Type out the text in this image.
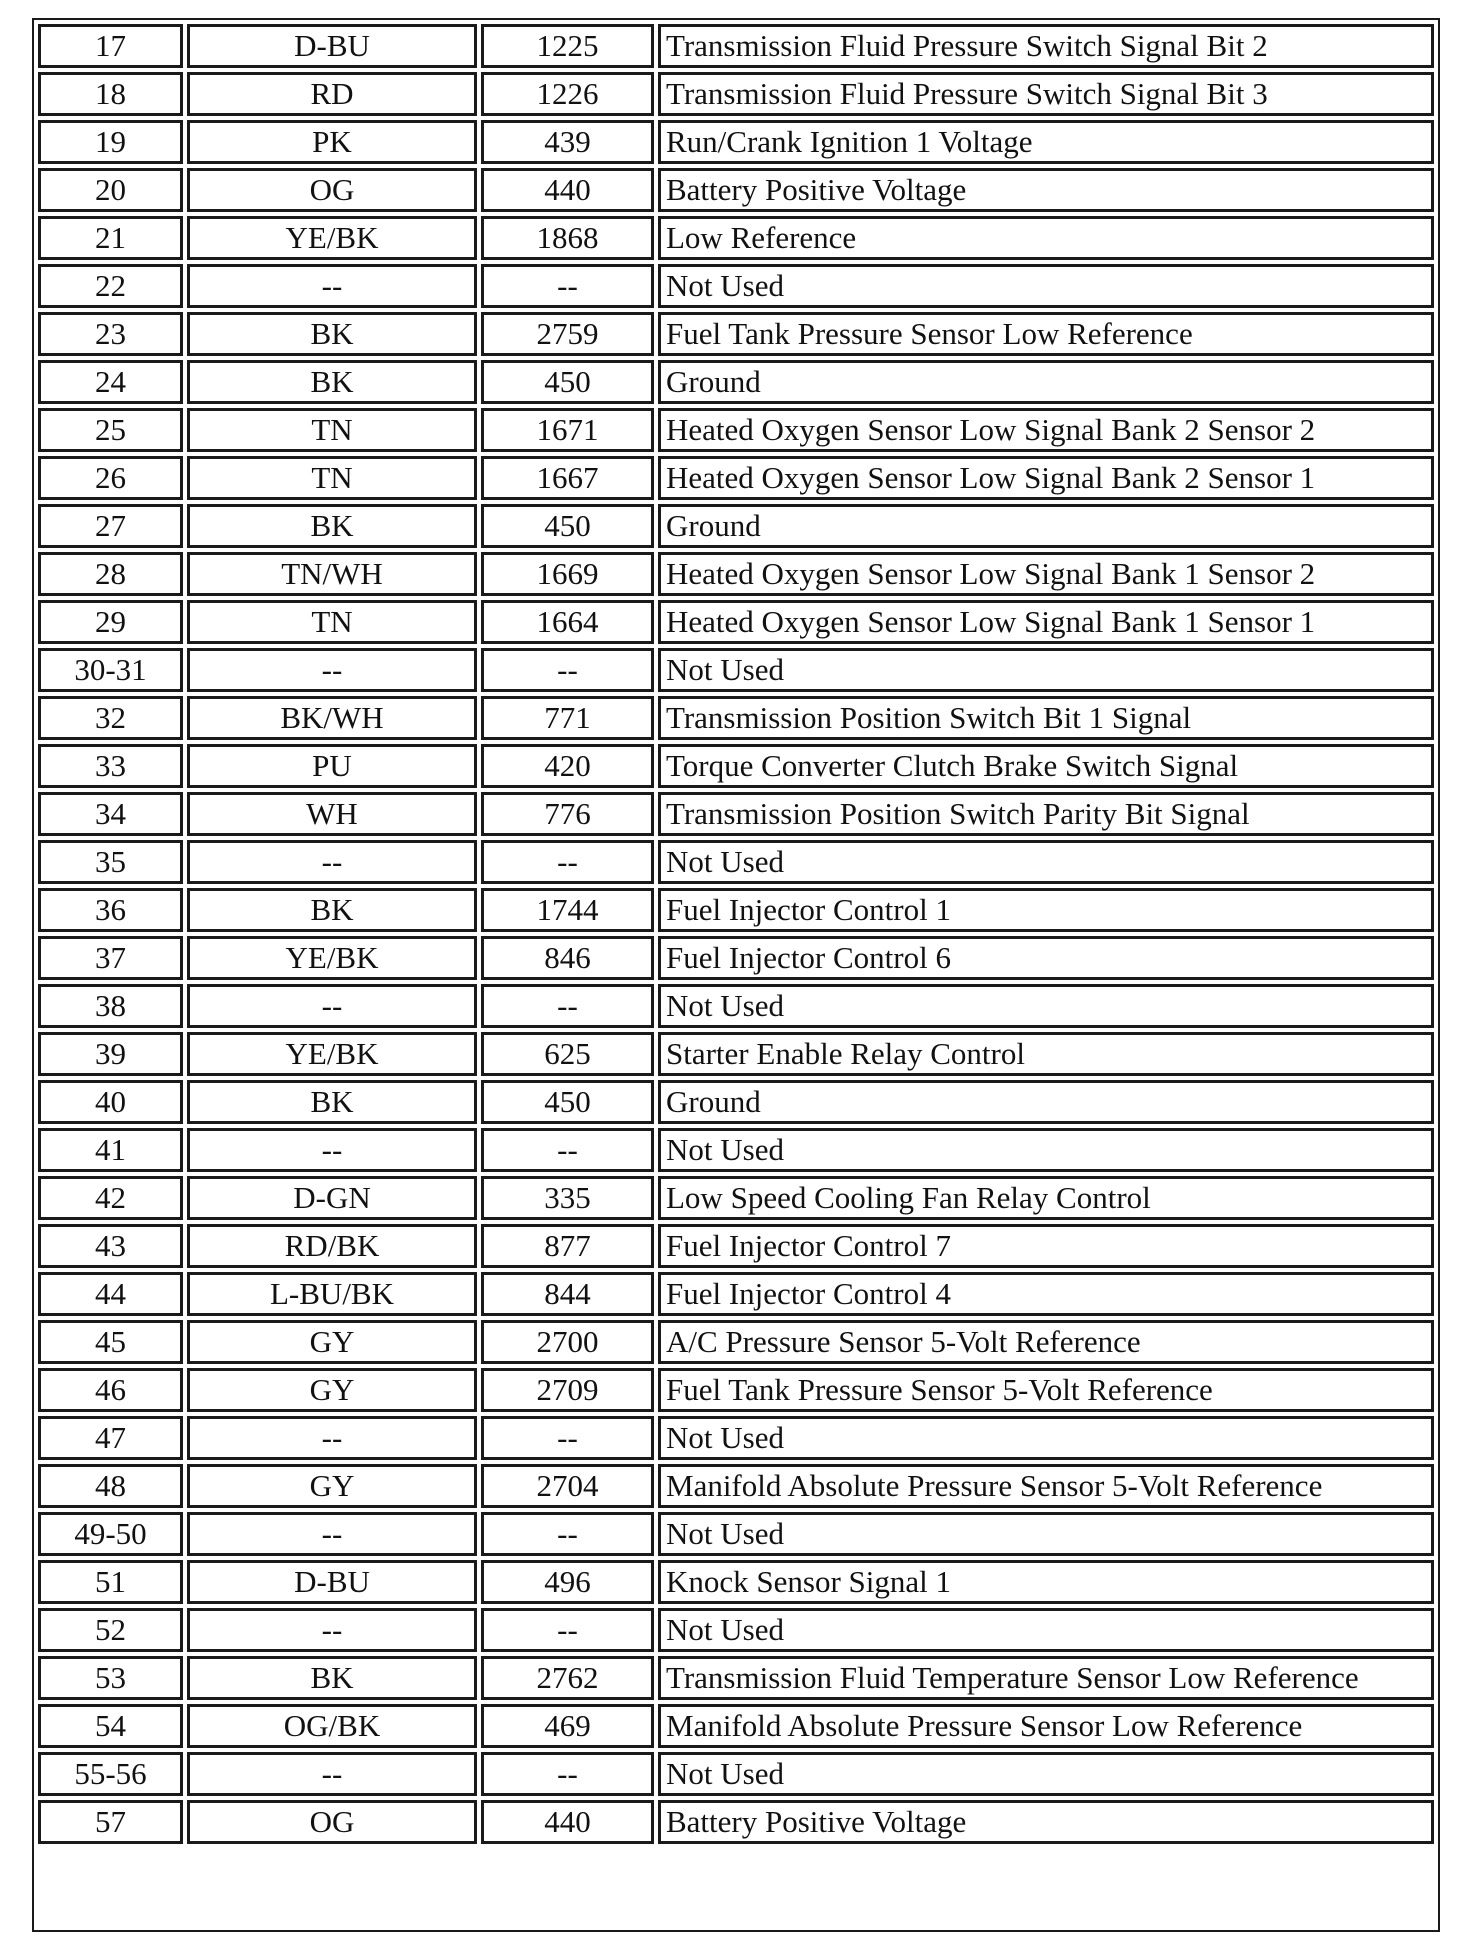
17	D-BU	1225	Transmission Fluid Pressure Switch Signal Bit 2
18	RD	1226	Transmission Fluid Pressure Switch Signal Bit 3
19	PK	439	Run/Crank Ignition 1 Voltage
20	OG	440	Battery Positive Voltage
21	YE/BK	1868	Low Reference
22	--	--	Not Used
23	BK	2759	Fuel Tank Pressure Sensor Low Reference
24	BK	450	Ground
25	TN	1671	Heated Oxygen Sensor Low Signal Bank 2 Sensor 2
26	TN	1667	Heated Oxygen Sensor Low Signal Bank 2 Sensor 1
27	BK	450	Ground
28	TN/WH	1669	Heated Oxygen Sensor Low Signal Bank 1 Sensor 2
29	TN	1664	Heated Oxygen Sensor Low Signal Bank 1 Sensor 1
30-31	--	--	Not Used
32	BK/WH	771	Transmission Position Switch Bit 1 Signal
33	PU	420	Torque Converter Clutch Brake Switch Signal
34	WH	776	Transmission Position Switch Parity Bit Signal
35	--	--	Not Used
36	BK	1744	Fuel Injector Control 1
37	YE/BK	846	Fuel Injector Control 6
38	--	--	Not Used
39	YE/BK	625	Starter Enable Relay Control
40	BK	450	Ground
41	--	--	Not Used
42	D-GN	335	Low Speed Cooling Fan Relay Control
43	RD/BK	877	Fuel Injector Control 7
44	L-BU/BK	844	Fuel Injector Control 4
45	GY	2700	A/C Pressure Sensor 5-Volt Reference
46	GY	2709	Fuel Tank Pressure Sensor 5-Volt Reference
47	--	--	Not Used
48	GY	2704	Manifold Absolute Pressure Sensor 5-Volt Reference
49-50	--	--	Not Used
51	D-BU	496	Knock Sensor Signal 1
52	--	--	Not Used
53	BK	2762	Transmission Fluid Temperature Sensor Low Reference
54	OG/BK	469	Manifold Absolute Pressure Sensor Low Reference
55-56	--	--	Not Used
57	OG	440	Battery Positive Voltage
